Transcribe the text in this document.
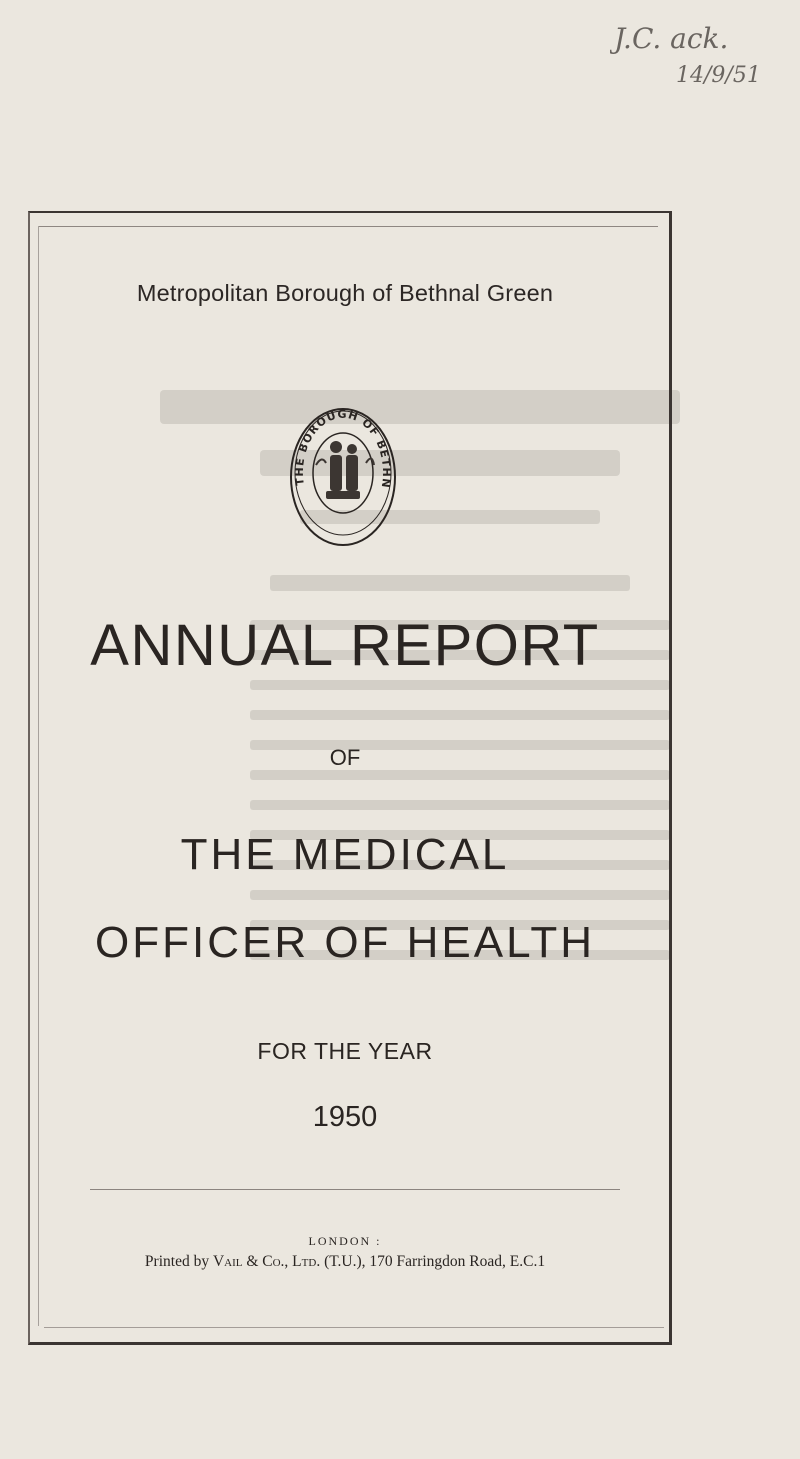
J.C. ack.
14/9/51
Metropolitan Borough of Bethnal Green
THE BOROUGH OF BETHN
ANNUAL REPORT
OF
THE MEDICAL
OFFICER OF HEALTH
FOR THE YEAR
1950
LONDON :
Printed by Vail & Co., Ltd. (T.U.), 170 Farringdon Road, E.C.1
